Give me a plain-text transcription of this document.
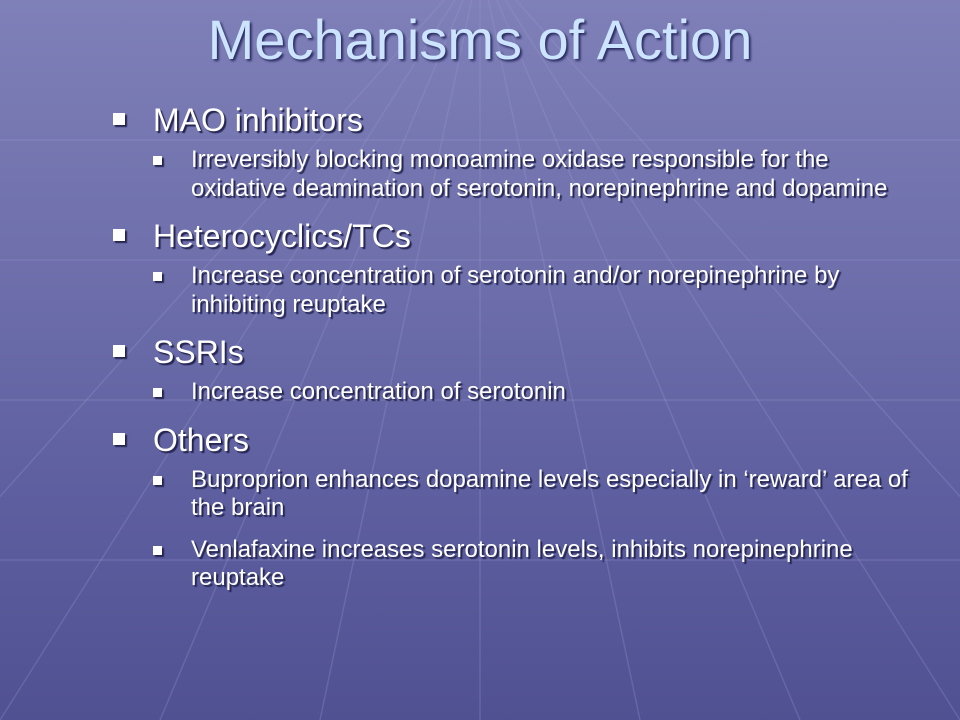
Mechanisms of Action
MAO inhibitors
Irreversibly blocking monoamine oxidase responsible for the oxidative deamination of serotonin, norepinephrine and dopamine
Heterocyclics/TCs
Increase concentration of serotonin and/or norepinephrine by inhibiting reuptake
SSRIs
Increase concentration of serotonin
Others
Buproprion enhances dopamine levels especially in ‘reward’ area of the brain
Venlafaxine increases serotonin levels, inhibits norepinephrine reuptake
